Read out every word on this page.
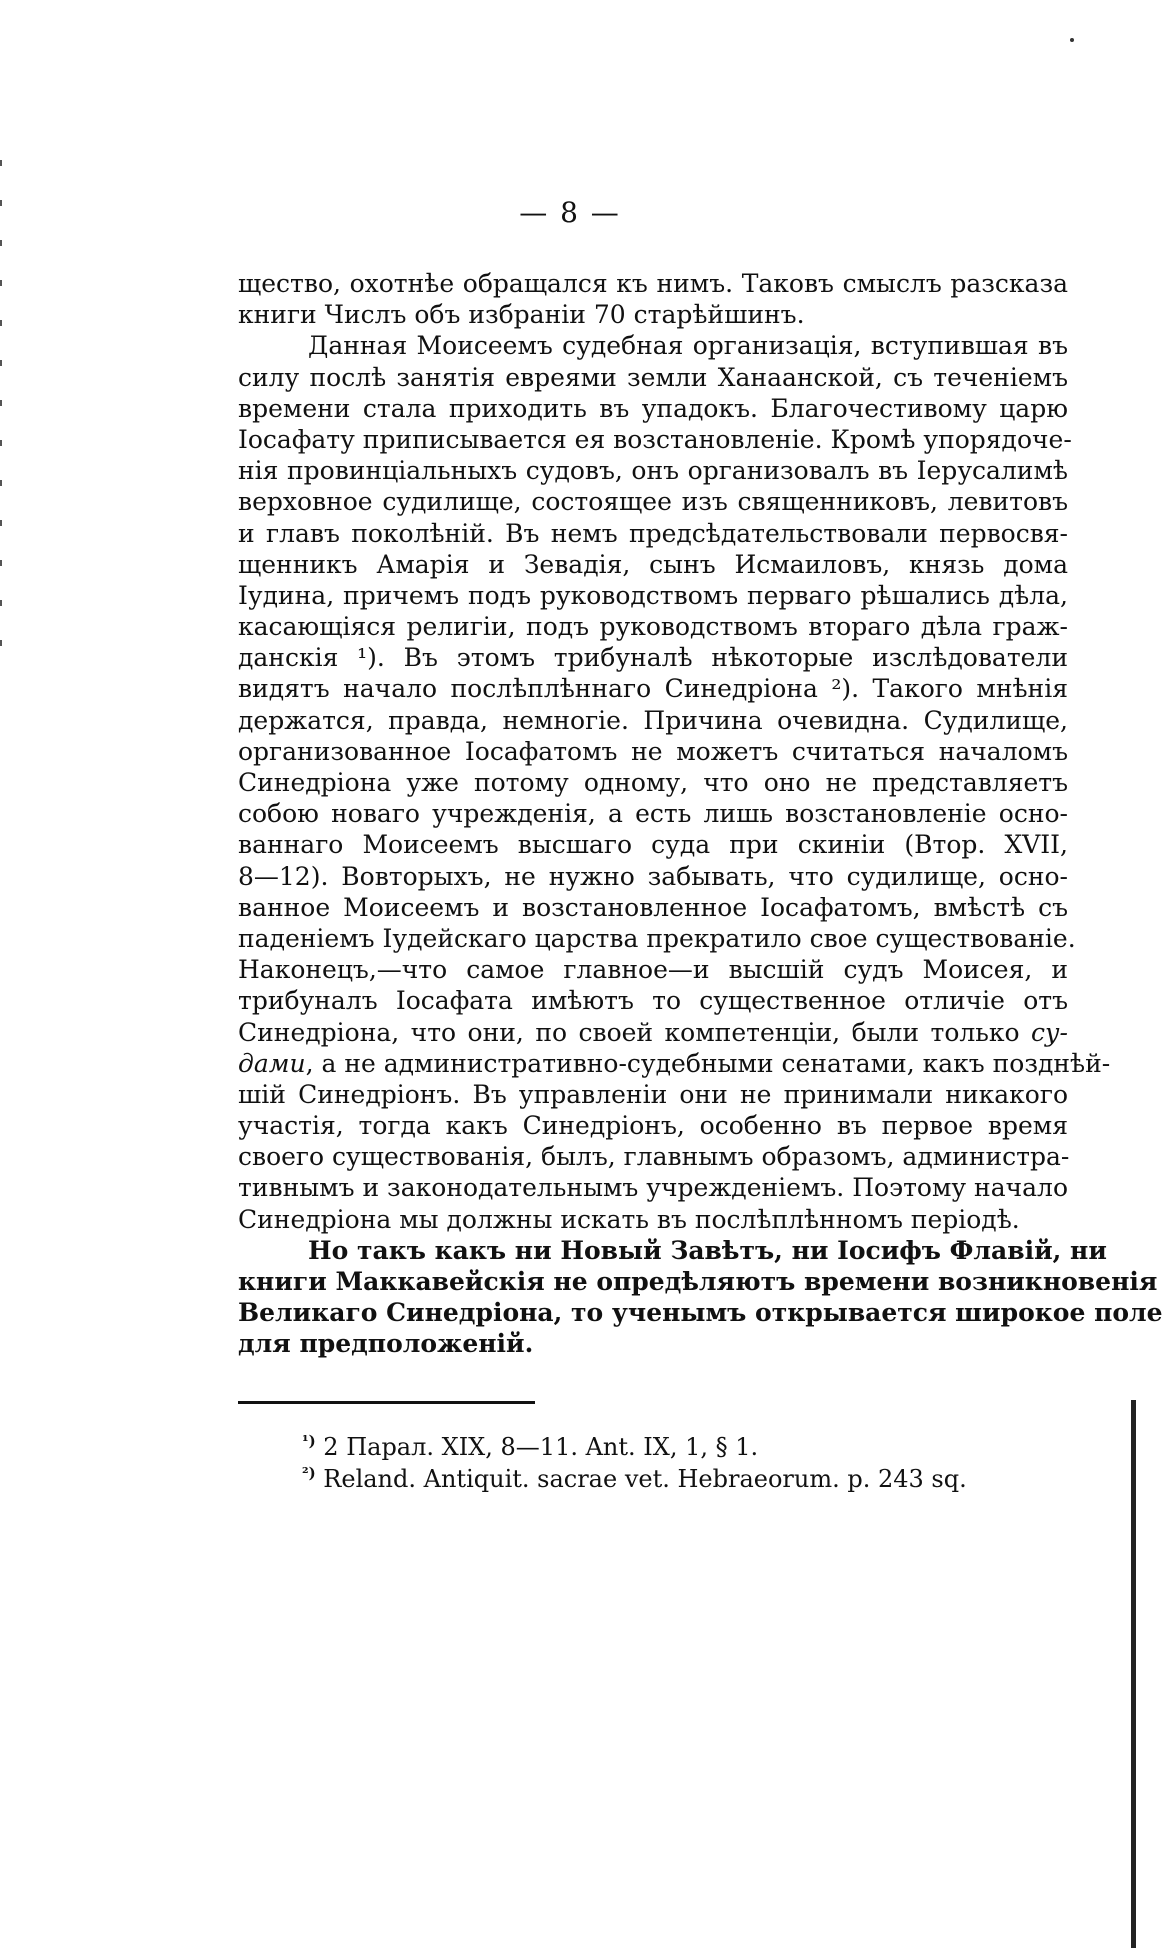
— 8 —
щество, охотнѣе обращался къ нимъ. Таковъ смыслъ разсказа
книги Числъ объ избраніи 70 старѣйшинъ.
Данная Моисеемъ судебная организація, вступившая въ
силу послѣ занятія евреями земли Ханаанской, съ теченіемъ
времени стала приходить въ упадокъ. Благочестивому царю
Іосафату приписывается ея возстановленіе. Кромѣ упорядоче-
нія провинціальныхъ судовъ, онъ организовалъ въ Іерусалимѣ
верховное судилище, состоящее изъ священниковъ, левитовъ
и главъ поколѣній. Въ немъ предсѣдательствовали первосвя-
щенникъ Амарія и Зевадія, сынъ Исмаиловъ, князь дома
Іудина, причемъ подъ руководствомъ перваго рѣшались дѣла,
касающіяся религіи, подъ руководствомъ втораго дѣла граж-
данскія ¹). Въ этомъ трибуналѣ нѣкоторые изслѣдователи
видятъ начало послѣплѣннаго Синедріона ²). Такого мнѣнія
держатся, правда, немногіе. Причина очевидна. Судилище,
организованное Іосафатомъ не можетъ считаться началомъ
Синедріона уже потому одному, что оно не представляетъ
собою новаго учрежденія, а есть лишь возстановленіе осно-
ваннаго Моисеемъ высшаго суда при скиніи (Втор. XVII,
8—12). Вовторыхъ, не нужно забывать, что судилище, осно-
ванное Моисеемъ и возстановленное Іосафатомъ, вмѣстѣ съ
паденіемъ Іудейскаго царства прекратило свое существованіе.
Наконецъ,—что самое главное—и высшій судъ Моисея, и
трибуналъ Іосафата имѣютъ то существенное отличіе отъ
Синедріона, что они, по своей компетенціи, были только су-
дами, а не административно-судебными сенатами, какъ позднѣй-
шій Синедріонъ. Въ управленіи они не принимали никакого
участія, тогда какъ Синедріонъ, особенно въ первое время
своего существованія, былъ, главнымъ образомъ, администра-
тивнымъ и законодательнымъ учрежденіемъ. Поэтому начало
Синедріона мы должны искать въ послѣплѣнномъ періодѣ.
Но такъ какъ ни Новый Завѣтъ, ни Іосифъ Флавій, ни
книги Маккавейскія не опредѣляютъ времени возникновенія
Великаго Синедріона, то ученымъ открывается широкое поле
для предположеній.
$^{^1)}$ 2 Парал. XIX, 8—11. Ant. IX, 1, § 1.
$^{^2)}$ Reland. Antiquit. sacrae vet. Hebraeorum. p. 243 sq.
